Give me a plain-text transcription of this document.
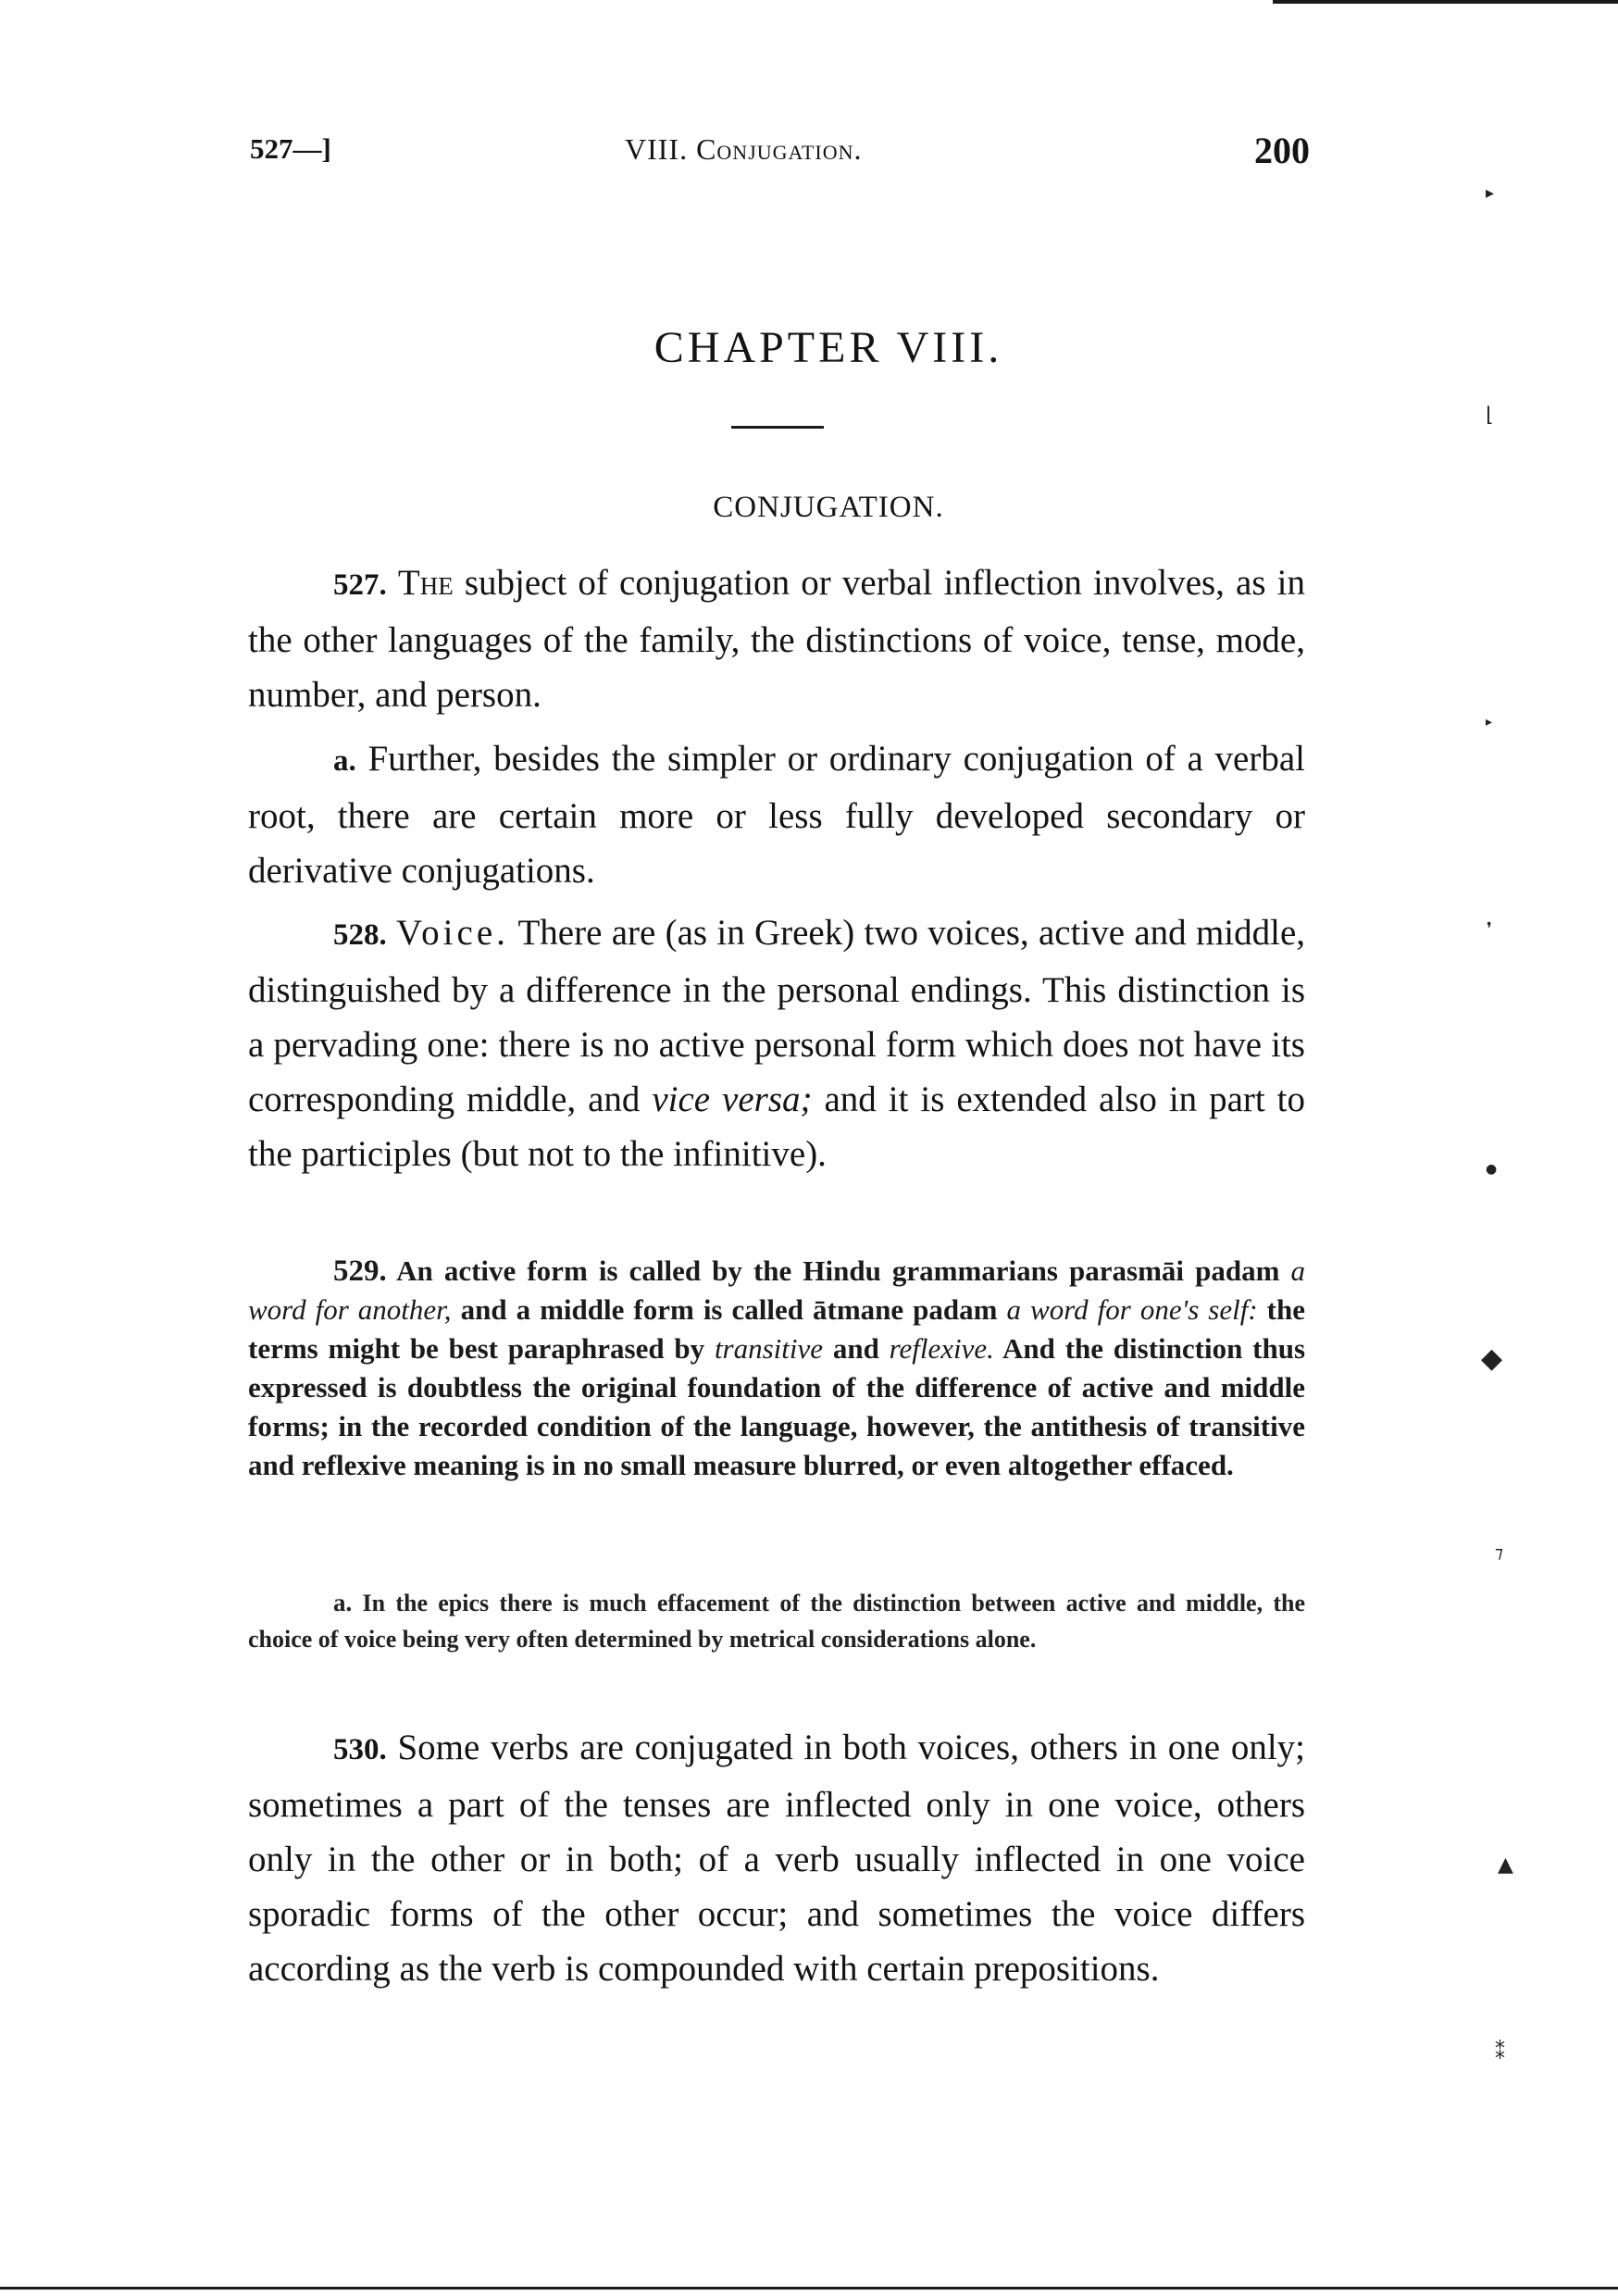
527—]	VIII. Conjugation.	200
CHAPTER VIII.
CONJUGATION.

527. The subject of conjugation or verbal inflection involves, as in the other languages of the family, the distinctions of voice, tense, mode, number, and person.

a. Further, besides the simpler or ordinary conjugation of a verbal root, there are certain more or less fully developed secondary or derivative conjugations.

528. Voice. There are (as in Greek) two voices, active and middle, distinguished by a difference in the personal endings. This distinction is a pervading one: there is no active personal form which does not have its corresponding middle, and vice versa; and it is extended also in part to the participles (but not to the infinitive).

529. An active form is called by the Hindu grammarians parasmāi padam a word for another, and a middle form is called ātmane padam a word for one's self: the terms might be best paraphrased by transitive and reflexive. And the distinction thus expressed is doubtless the original foundation of the difference of active and middle forms; in the recorded condition of the language, however, the antithesis of transitive and reflexive meaning is in no small measure blurred, or even altogether effaced.

a. In the epics there is much effacement of the distinction between active and middle, the choice of voice being very often determined by metrical considerations alone.

530. Some verbs are conjugated in both voices, others in one only; sometimes a part of the tenses are inflected only in one voice, others only in the other or in both; of a verb usually inflected in one voice sporadic forms of the other occur; and sometimes the voice differs according as the verb is compounded with certain prepositions.

▸
⌊
▸
❜
●
◆
⁊
▲
⁑
